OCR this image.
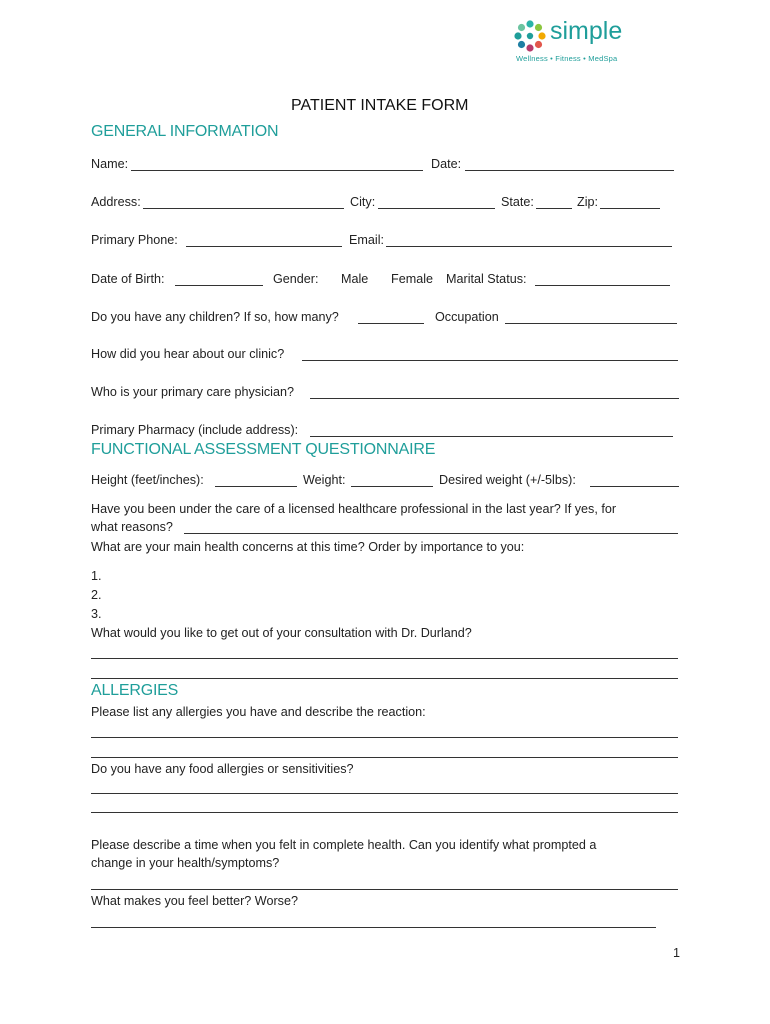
simple
Wellness • Fitness • MedSpa
PATIENT INTAKE FORM
GENERAL INFORMATION
Name:	Date:
Address:	City:	State:	Zip:
Primary Phone:	Email:
Date of Birth:	Gender: Male Female Marital Status:
Do you have any children? If so, how many?	Occupation
How did you hear about our clinic?
Who is your primary care physician?
Primary Pharmacy (include address):
FUNCTIONAL ASSESSMENT QUESTIONNAIRE
Height (feet/inches):	Weight:	Desired weight (+/-5lbs):
Have you been under the care of a licensed healthcare professional in the last year? If yes, for
what reasons?
What are your main health concerns at this time? Order by importance to you:
1.
2.
3.
What would you like to get out of your consultation with Dr. Durland?
ALLERGIES
Please list any allergies you have and describe the reaction:
Do you have any food allergies or sensitivities?
Please describe a time when you felt in complete health. Can you identify what prompted a
change in your health/symptoms?
What makes you feel better? Worse?
1
